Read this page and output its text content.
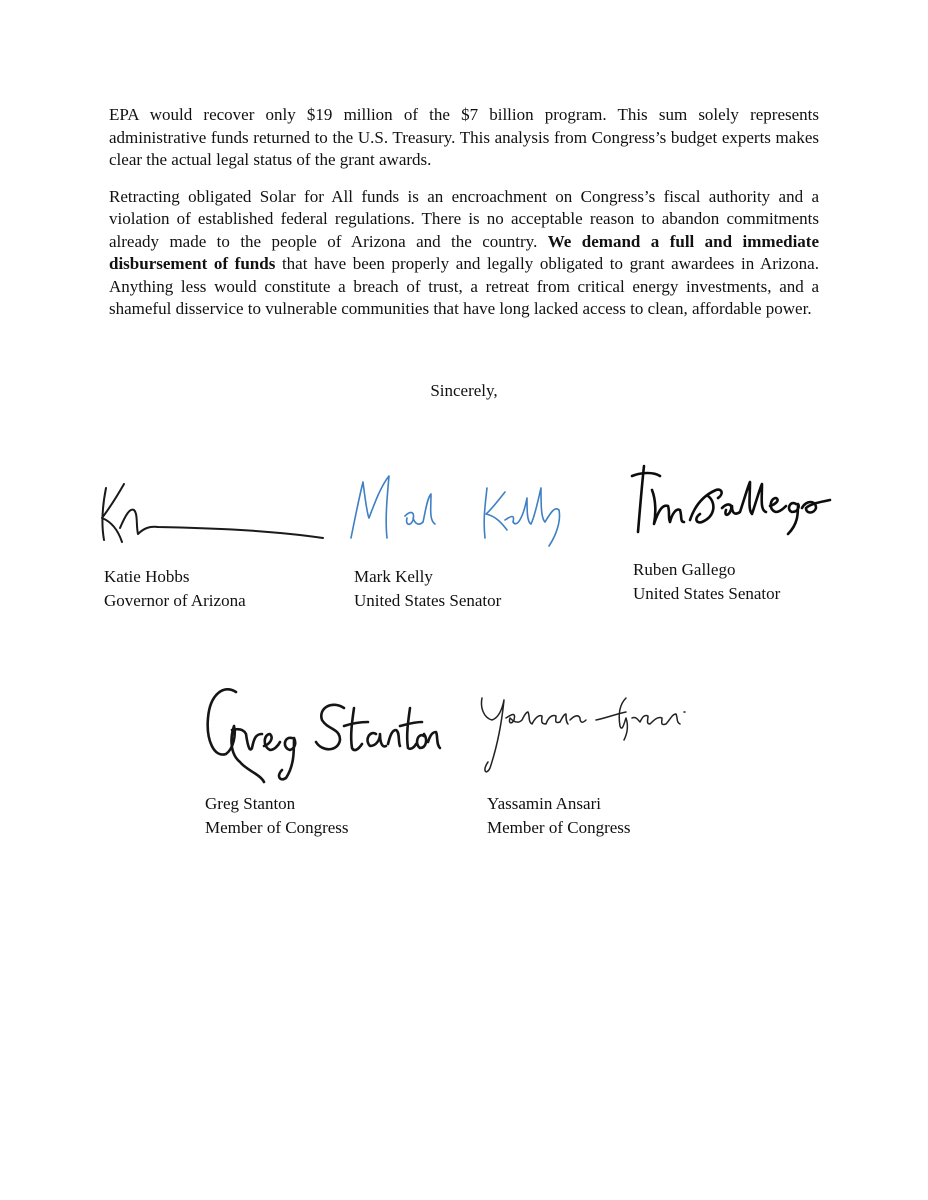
EPA would recover only $19 million of the $7 billion program. This sum solely represents administrative funds returned to the U.S. Treasury. This analysis from Congress’s budget experts makes clear the actual legal status of the grant awards.

Retracting obligated Solar for All funds is an encroachment on Congress’s fiscal authority and a violation of established federal regulations. There is no acceptable reason to abandon commitments already made to the people of Arizona and the country. We demand a full and immediate disbursement of funds that have been properly and legally obligated to grant awardees in Arizona. Anything less would constitute a breach of trust, a retreat from critical energy investments, and a shameful disservice to vulnerable communities that have long lacked access to clean, affordable power.

Sincerely,
Katie Hobbs
Governor of Arizona
Mark Kelly
United States Senator
Ruben Gallego
United States Senator
Greg Stanton
Member of Congress
Yassamin Ansari
Member of Congress
